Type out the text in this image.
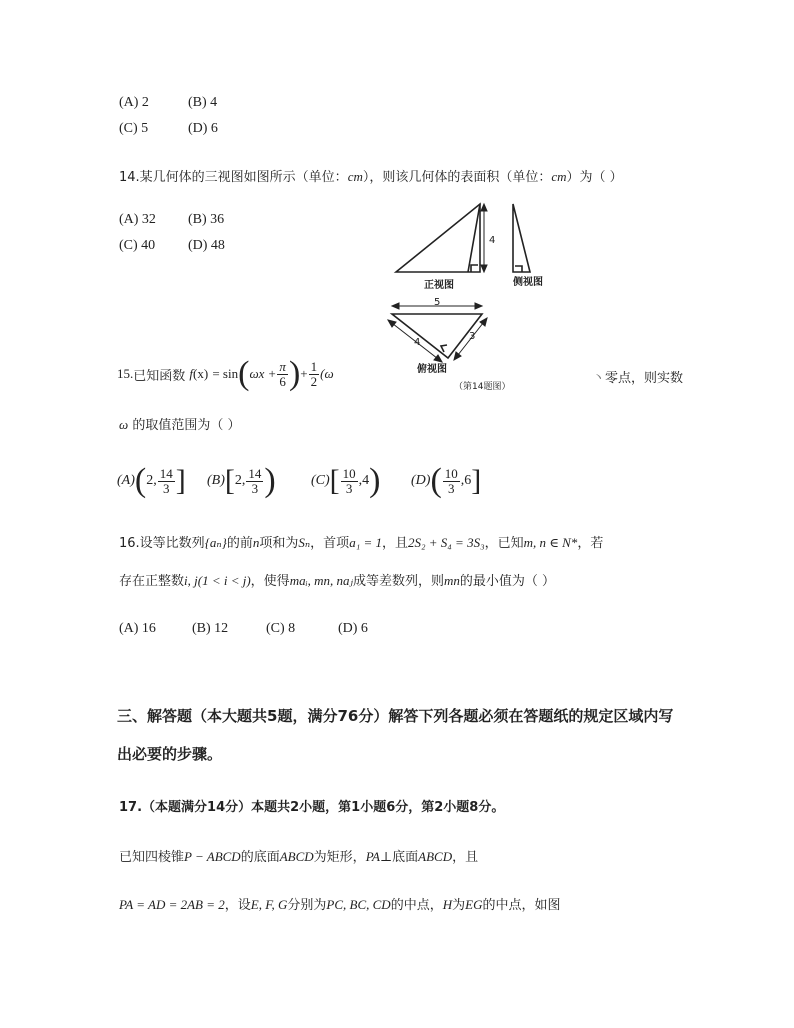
(A) 2	(B) 4
(C) 5	(D) 6
14.某几何体的三视图如图所示（单位：cm），则该几何体的表面积（单位：cm）为（ ）
(A) 32 (B) 36
(C) 40 (D) 48
15. 已知函数
f (x)
= sin ( $\omega x + \frac{\pi}{6}$ ) + $\frac{1}{2} (\omega$
4
正视图	侧视图
5
4
3
俯视图
（第14题图）
丶零点，则实数
ω 的取值范围为（ ）
(A) ( 2, $\frac{14}{3}$ ] (B) [ 2, $\frac{14}{3}$ )	(C) [ $\frac{10}{3} ,4$ ) (D) ( $\frac{10}{3} ,6$ ]
16.设等比数列{aₙ}的前n项和为Sₙ，首项a₁ = 1，且2S₂ + S₄ = 3S₃，已知m, n ∈ N*，若
存在正整数i, j(1 < i < j)，使得maᵢ, mn, naⱼ成等差数列，则mn的最小值为（ ）
(A) 16	(B) 12	(C) 8	(D) 6
三、解答题（本大题共5题，满分76分）解答下列各题必须在答题纸的规定区域内写
出必要的步骤。
17.（本题满分14分）本题共2小题，第1小题6分，第2小题8分。
已知四棱锥P − ABCD的底面ABCD为矩形，PA⊥底面ABCD，且
PA = AD = 2AB = 2，设E, F, G分别为PC, BC, CD的中点，H为EG的中点，如图
